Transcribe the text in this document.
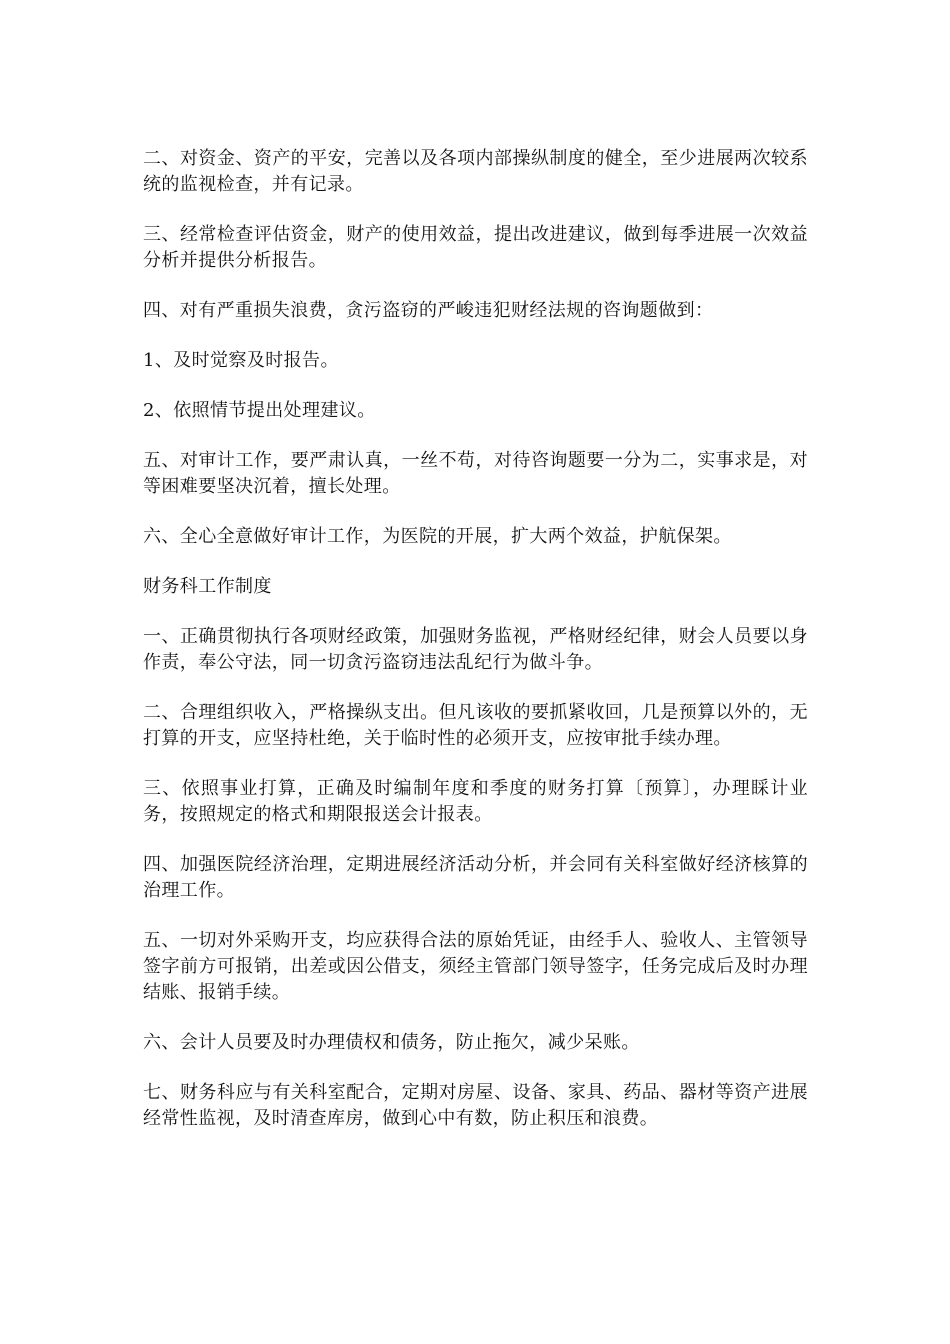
二、对资金、资产的平安，完善以及各项内部操纵制度的健全，至少进展两次较系统的监视检查，并有记录。

三、经常检查评估资金，财产的使用效益，提出改进建议，做到每季进展一次效益分析并提供分析报告。

四、对有严重损失浪费，贪污盗窃的严峻违犯财经法规的咨询题做到：

1、及时觉察及时报告。

2、依照情节提出处理建议。

五、对审计工作，要严肃认真，一丝不苟，对待咨询题要一分为二，实事求是，对等困难要坚决沉着，擅长处理。

六、全心全意做好审计工作，为医院的开展，扩大两个效益，护航保架。

财务科工作制度

一、正确贯彻执行各项财经政策，加强财务监视，严格财经纪律，财会人员要以身作责，奉公守法，同一切贪污盗窃违法乱纪行为做斗争。

二、合理组织收入，严格操纵支出。但凡该收的要抓紧收回，几是预算以外的，无打算的开支，应坚持杜绝，关于临时性的必须开支，应按审批手续办理。

三、依照事业打算，正确及时编制年度和季度的财务打算〔预算〕，办理睬计业务，按照规定的格式和期限报送会计报表。

四、加强医院经济治理，定期进展经济活动分析，并会同有关科室做好经济核算的治理工作。

五、一切对外采购开支，均应获得合法的原始凭证，由经手人、验收人、主管领导签字前方可报销，出差或因公借支，须经主管部门领导签字，任务完成后及时办理结账、报销手续。

六、会计人员要及时办理债权和债务，防止拖欠，减少呆账。

七、财务科应与有关科室配合，定期对房屋、设备、家具、药品、器材等资产进展经常性监视，及时清查库房，做到心中有数，防止积压和浪费。
